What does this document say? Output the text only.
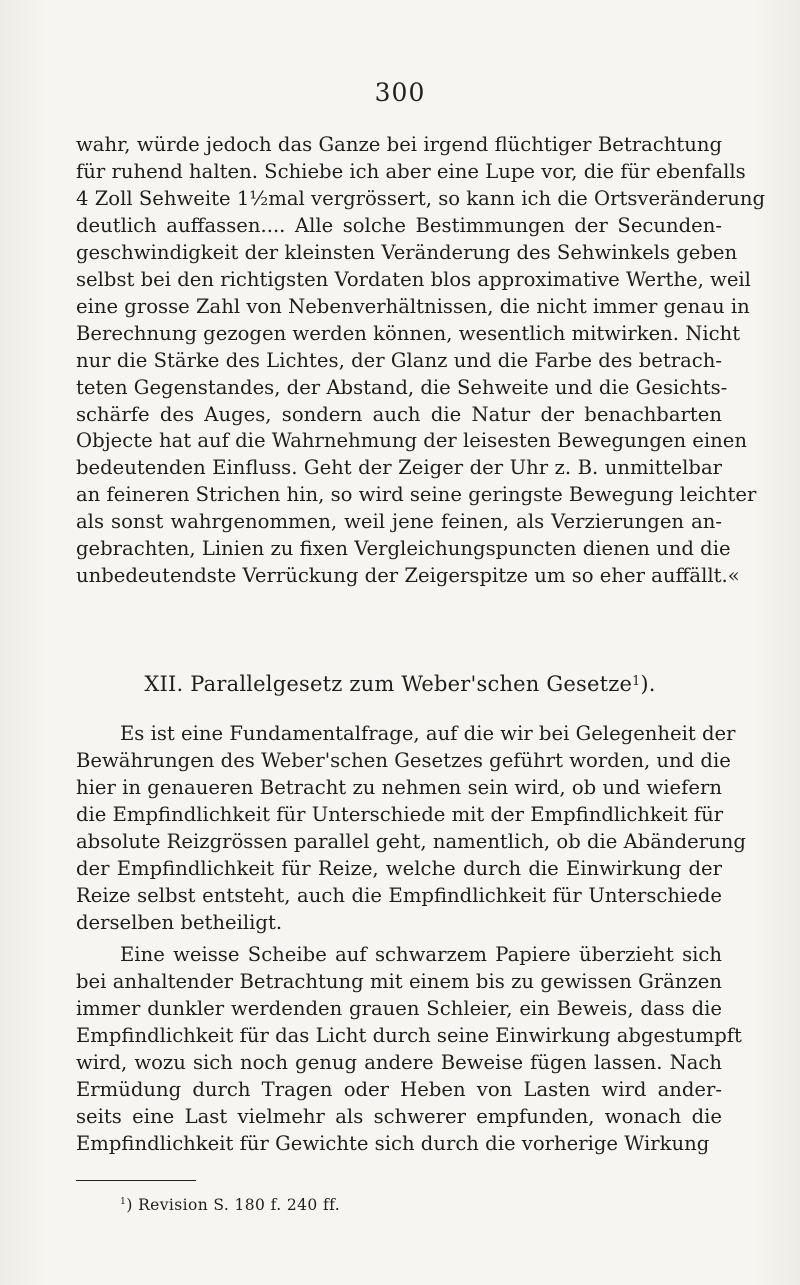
300

wahr, würde jedoch das Ganze bei irgend flüchtiger Betrachtung
für ruhend halten. Schiebe ich aber eine Lupe vor, die für ebenfalls
4 Zoll Sehweite 1½mal vergrössert, so kann ich die Ortsveränderung
deutlich auffassen.... Alle solche Bestimmungen der Secunden-
geschwindigkeit der kleinsten Veränderung des Sehwinkels geben
selbst bei den richtigsten Vordaten blos approximative Werthe, weil
eine grosse Zahl von Nebenverhältnissen, die nicht immer genau in
Berechnung gezogen werden können, wesentlich mitwirken. Nicht
nur die Stärke des Lichtes, der Glanz und die Farbe des betrach-
teten Gegenstandes, der Abstand, die Sehweite und die Gesichts-
schärfe des Auges, sondern auch die Natur der benachbarten
Objecte hat auf die Wahrnehmung der leisesten Bewegungen einen
bedeutenden Einfluss. Geht der Zeiger der Uhr z. B. unmittelbar
an feineren Strichen hin, so wird seine geringste Bewegung leichter
als sonst wahrgenommen, weil jene feinen, als Verzierungen an-
gebrachten, Linien zu fixen Vergleichungspuncten dienen und die
unbedeutendste Verrückung der Zeigerspitze um so eher auffällt.«

XII. Parallelgesetz zum Weber'schen Gesetze$^1$).

Es ist eine Fundamentalfrage, auf die wir bei Gelegenheit der
Bewährungen des Weber'schen Gesetzes geführt worden, und die
hier in genaueren Betracht zu nehmen sein wird, ob und wiefern
die Empfindlichkeit für Unterschiede mit der Empfindlichkeit für
absolute Reizgrössen parallel geht, namentlich, ob die Abänderung
der Empfindlichkeit für Reize, welche durch die Einwirkung der
Reize selbst entsteht, auch die Empfindlichkeit für Unterschiede
derselben betheiligt.

Eine weisse Scheibe auf schwarzem Papiere überzieht sich
bei anhaltender Betrachtung mit einem bis zu gewissen Gränzen
immer dunkler werdenden grauen Schleier, ein Beweis, dass die
Empfindlichkeit für das Licht durch seine Einwirkung abgestumpft
wird, wozu sich noch genug andere Beweise fügen lassen. Nach
Ermüdung durch Tragen oder Heben von Lasten wird ander-
seits eine Last vielmehr als schwerer empfunden, wonach die
Empfindlichkeit für Gewichte sich durch die vorherige Wirkung

$^1$) Revision S. 180 f. 240 ff.
